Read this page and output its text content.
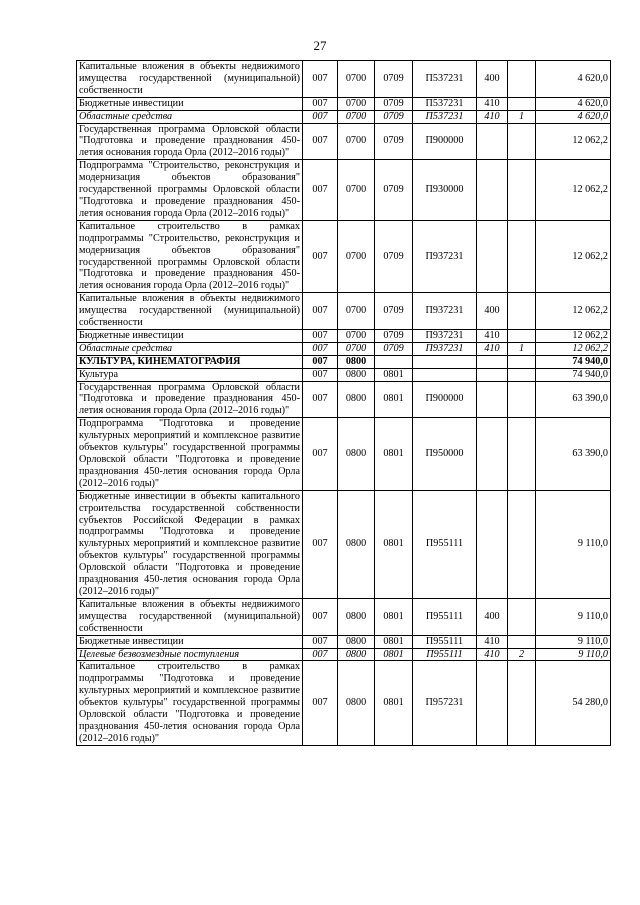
27
Капитальные вложения в объекты недвижимого имущества государственной (муниципальной) собственности	007	0700	0709	П537231	400		4 620,0
Бюджетные инвестиции	007	0700	0709	П537231	410		4 620,0
Областные средства	007	0700	0709	П537231	410	1	4 620,0
Государственная программа Орловской области "Подготовка и проведение празднования 450-летия основания города Орла (2012–2016 годы)"	007	0700	0709	П900000			12 062,2
Подпрограмма "Строительство, реконструкция и модернизация объектов образования" государственной программы Орловской области "Подготовка и проведение празднования 450-летия основания города Орла (2012–2016 годы)"	007	0700	0709	П930000			12 062,2
Капитальное строительство в рамках подпрограммы "Строительство, реконструкция и модернизация объектов образования" государственной программы Орловской области "Подготовка и проведение празднования 450-летия основания города Орла (2012–2016 годы)"	007	0700	0709	П937231			12 062,2
Капитальные вложения в объекты недвижимого имущества государственной (муниципальной) собственности	007	0700	0709	П937231	400		12 062,2
Бюджетные инвестиции	007	0700	0709	П937231	410		12 062,2
Областные средства	007	0700	0709	П937231	410	1	12 062,2
КУЛЬТУРА, КИНЕМАТОГРАФИЯ	007	0800					74 940,0
Культура	007	0800	0801				74 940,0
Государственная программа Орловской области "Подготовка и проведение празднования 450-летия основания города Орла (2012–2016 годы)"	007	0800	0801	П900000			63 390,0
Подпрограмма "Подготовка и проведение культурных мероприятий и комплексное развитие объектов культуры" государственной программы Орловской области "Подготовка и проведение празднования 450-летия основания города Орла (2012–2016 годы)"	007	0800	0801	П950000			63 390,0
Бюджетные инвестиции в объекты капитального строительства государственной собственности субъектов Российской Федерации в рамках подпрограммы "Подготовка и проведение культурных мероприятий и комплексное развитие объектов культуры" государственной программы Орловской области "Подготовка и проведение празднования 450-летия основания города Орла (2012–2016 годы)"	007	0800	0801	П955111			9 110,0
Капитальные вложения в объекты недвижимого имущества государственной (муниципальной) собственности	007	0800	0801	П955111	400		9 110,0
Бюджетные инвестиции	007	0800	0801	П955111	410		9 110,0
Целевые безвозмездные поступления	007	0800	0801	П955111	410	2	9 110,0
Капитальное строительство в рамках подпрограммы "Подготовка и проведение культурных мероприятий и комплексное развитие объектов культуры" государственной программы Орловской области "Подготовка и проведение празднования 450-летия основания города Орла (2012–2016 годы)"	007	0800	0801	П957231			54 280,0
